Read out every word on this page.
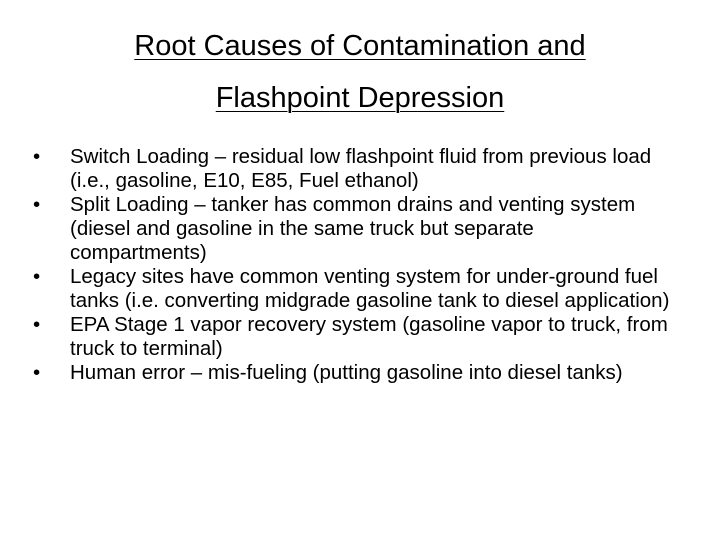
Root Causes of Contamination and
Flashpoint Depression
•	Switch Loading – residual low flashpoint fluid from previous load (i.e., gasoline, E10, E85, Fuel ethanol)
•	Split Loading – tanker has common drains and venting system (diesel and gasoline in the same truck but separate compartments)
•	Legacy sites have common venting system for under-ground fuel tanks (i.e. converting midgrade gasoline tank to diesel application)
•	EPA Stage 1 vapor recovery system (gasoline vapor to truck, from truck to terminal)
•	Human error – mis-fueling (putting gasoline into diesel tanks)
